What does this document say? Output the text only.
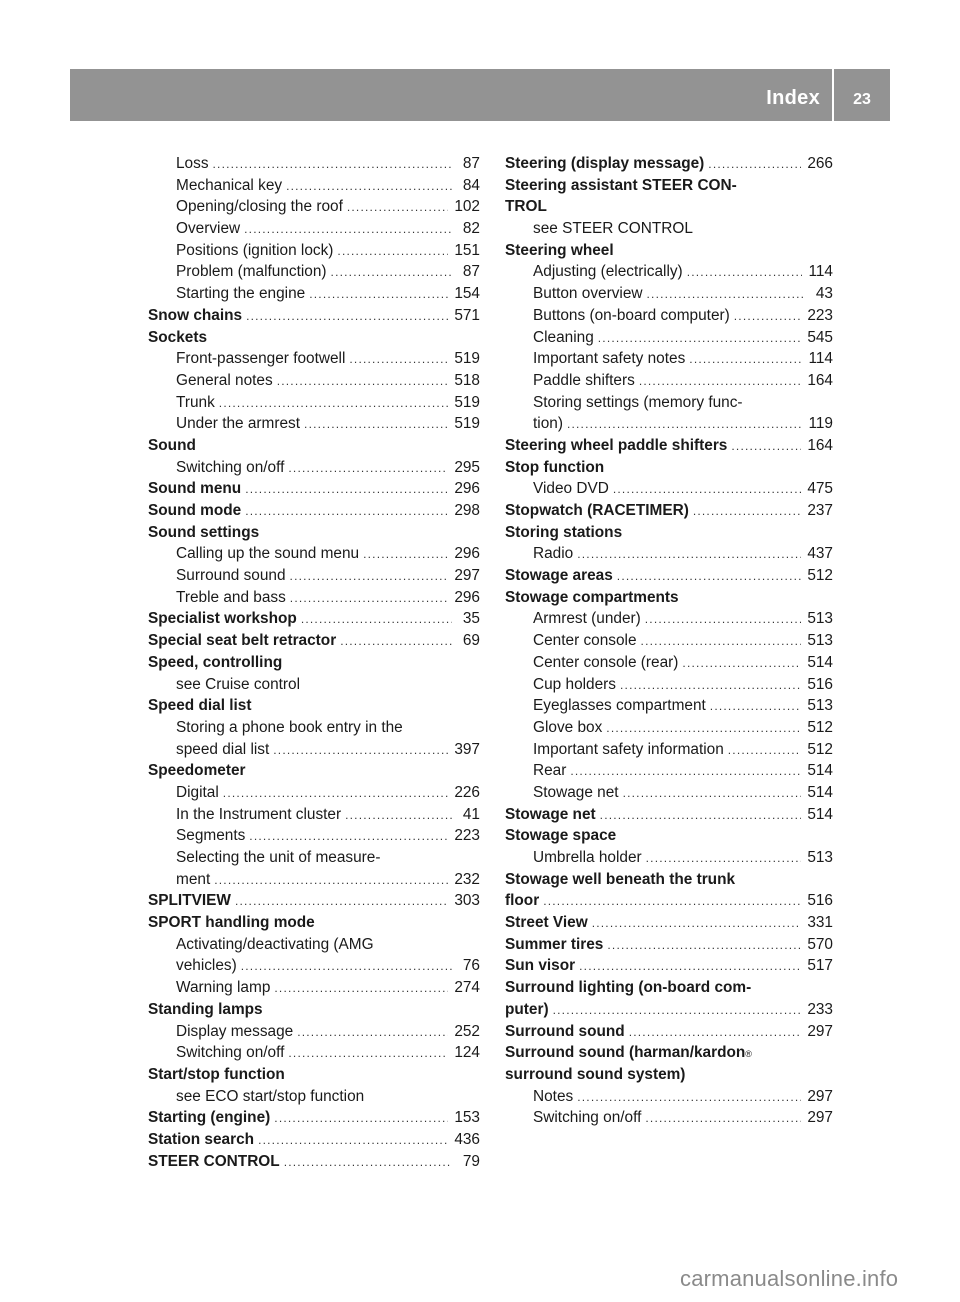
Index	23
Loss .....	87
Mechanical key .....	84
Opening/closing the roof .....	102
Overview .....	82
Positions (ignition lock) .....	151
Problem (malfunction) .....	87
Starting the engine .....	154
Snow chains .....	571
Sockets
Front-passenger footwell .....	519
General notes .....	518
Trunk .....	519
Under the armrest .....	519
Sound
Switching on/off .....	295
Sound menu .....	296
Sound mode .....	298
Sound settings
Calling up the sound menu .....	296
Surround sound .....	297
Treble and bass .....	296
Specialist workshop .....	35
Special seat belt retractor .....	69
Speed, controlling
see Cruise control
Speed dial list
Storing a phone book entry in the
speed dial list .....	397
Speedometer
Digital .....	226
In the Instrument cluster .....	41
Segments .....	223
Selecting the unit of measure-
ment .....	232
SPLITVIEW .....	303
SPORT handling mode
Activating/deactivating (AMG
vehicles) .....	76
Warning lamp .....	274
Standing lamps
Display message .....	252
Switching on/off .....	124
Start/stop function
see ECO start/stop function
Starting (engine) .....	153
Station search .....	436
STEER CONTROL .....	79
Steering (display message) .....	266
Steering assistant STEER CON-
TROL
see STEER CONTROL
Steering wheel
Adjusting (electrically) .....	114
Button overview .....	43
Buttons (on-board computer) .....	223
Cleaning .....	545
Important safety notes .....	114
Paddle shifters .....	164
Storing settings (memory func-
tion) .....	119
Steering wheel paddle shifters .....	164
Stop function
Video DVD .....	475
Stopwatch (RACETIMER) .....	237
Storing stations
Radio .....	437
Stowage areas .....	512
Stowage compartments
Armrest (under) .....	513
Center console .....	513
Center console (rear) .....	514
Cup holders .....	516
Eyeglasses compartment .....	513
Glove box .....	512
Important safety information .....	512
Rear .....	514
Stowage net .....	514
Stowage net .....	514
Stowage space
Umbrella holder .....	513
Stowage well beneath the trunk
floor .....	516
Street View .....	331
Summer tires .....	570
Sun visor .....	517
Surround lighting (on-board com-
puter) .....	233
Surround sound .....	297
Surround sound (harman/kardon ®
surround sound system)
Notes .....	297
Switching on/off .....	297
carmanualsonline.info
